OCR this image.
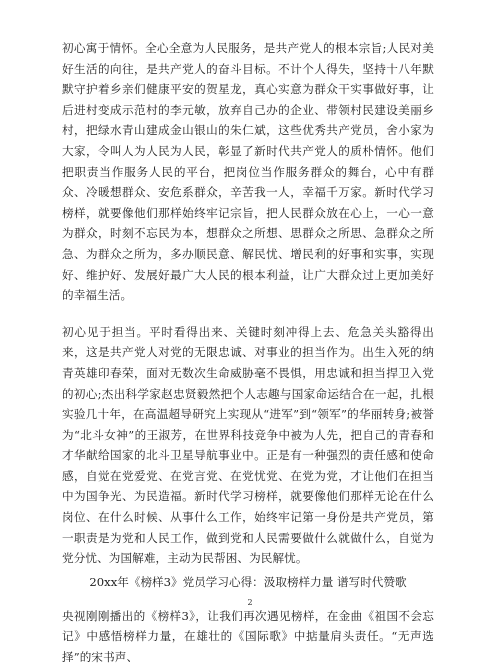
初心寓于情怀。全心全意为人民服务，是共产党人的根本宗旨;人民对美好生活的向往，是共产党人的奋斗目标。不计个人得失，坚持十八年默默守护着乡亲们健康平安的贺星龙，真心实意为群众干实事做好事，让后进村变成示范村的李元敏，放弃自己办的企业、带领村民建设美丽乡村，把绿水青山建成金山银山的朱仁斌，这些优秀共产党员，舍小家为大家，令叫人为人民为人民，彰显了新时代共产党人的质朴情怀。他们把职责当作服务人民的平台，把岗位当作服务群众的舞台，心中有群众、冷暖想群众、安危系群众，辛苦我一人，幸福千万家。新时代学习榜样，就要像他们那样始终牢记宗旨，把人民群众放在心上，一心一意为群众，时刻不忘民为本，想群众之所想、思群众之所思、急群众之所急、为群众之所为，多办顺民意、解民忧、增民利的好事和实事，实现好、维护好、发展好最广大人民的根本利益，让广大群众过上更加美好的幸福生活。

初心见于担当。平时看得出来、关键时刻冲得上去、危急关头豁得出来，这是共产党人对党的无限忠诚、对事业的担当作为。出生入死的纳青英雄印春荣，面对无数次生命威胁毫不畏惧，用忠诚和担当捍卫入党的初心;杰出科学家赵忠贤毅然把个人志趣与国家命运结合在一起，扎根实验几十年，在高温超导研究上实现从“进军”到“领军”的华丽转身;被誉为“北斗女神”的王淑芳，在世界科技竞争中被为人先，把自己的青春和才华献给国家的北斗卫星导航事业中。正是有一种强烈的责任感和使命感，自觉在党爱党、在党言党、在党忧党、在党为党，才让他们在担当中为国争光、为民造福。新时代学习榜样，就要像他们那样无论在什么岗位、在什么时候、从事什么工作，始终牢记第一身份是共产党员，第一职责是为党和人民工作，做到党和人民需要做什么就做什么，自觉为党分忧、为国解难，主动为民帮困、为民解忧。

20xx年《榜样3》党员学习心得：汲取榜样力量 谱写时代赞歌

央视刚刚播出的《榜样3》，让我们再次遇见榜样，在金曲《祖国不会忘记》中感悟榜样力量，在雄壮的《国际歌》中掂量肩头责任。“无声选择”的宋书声、

2
